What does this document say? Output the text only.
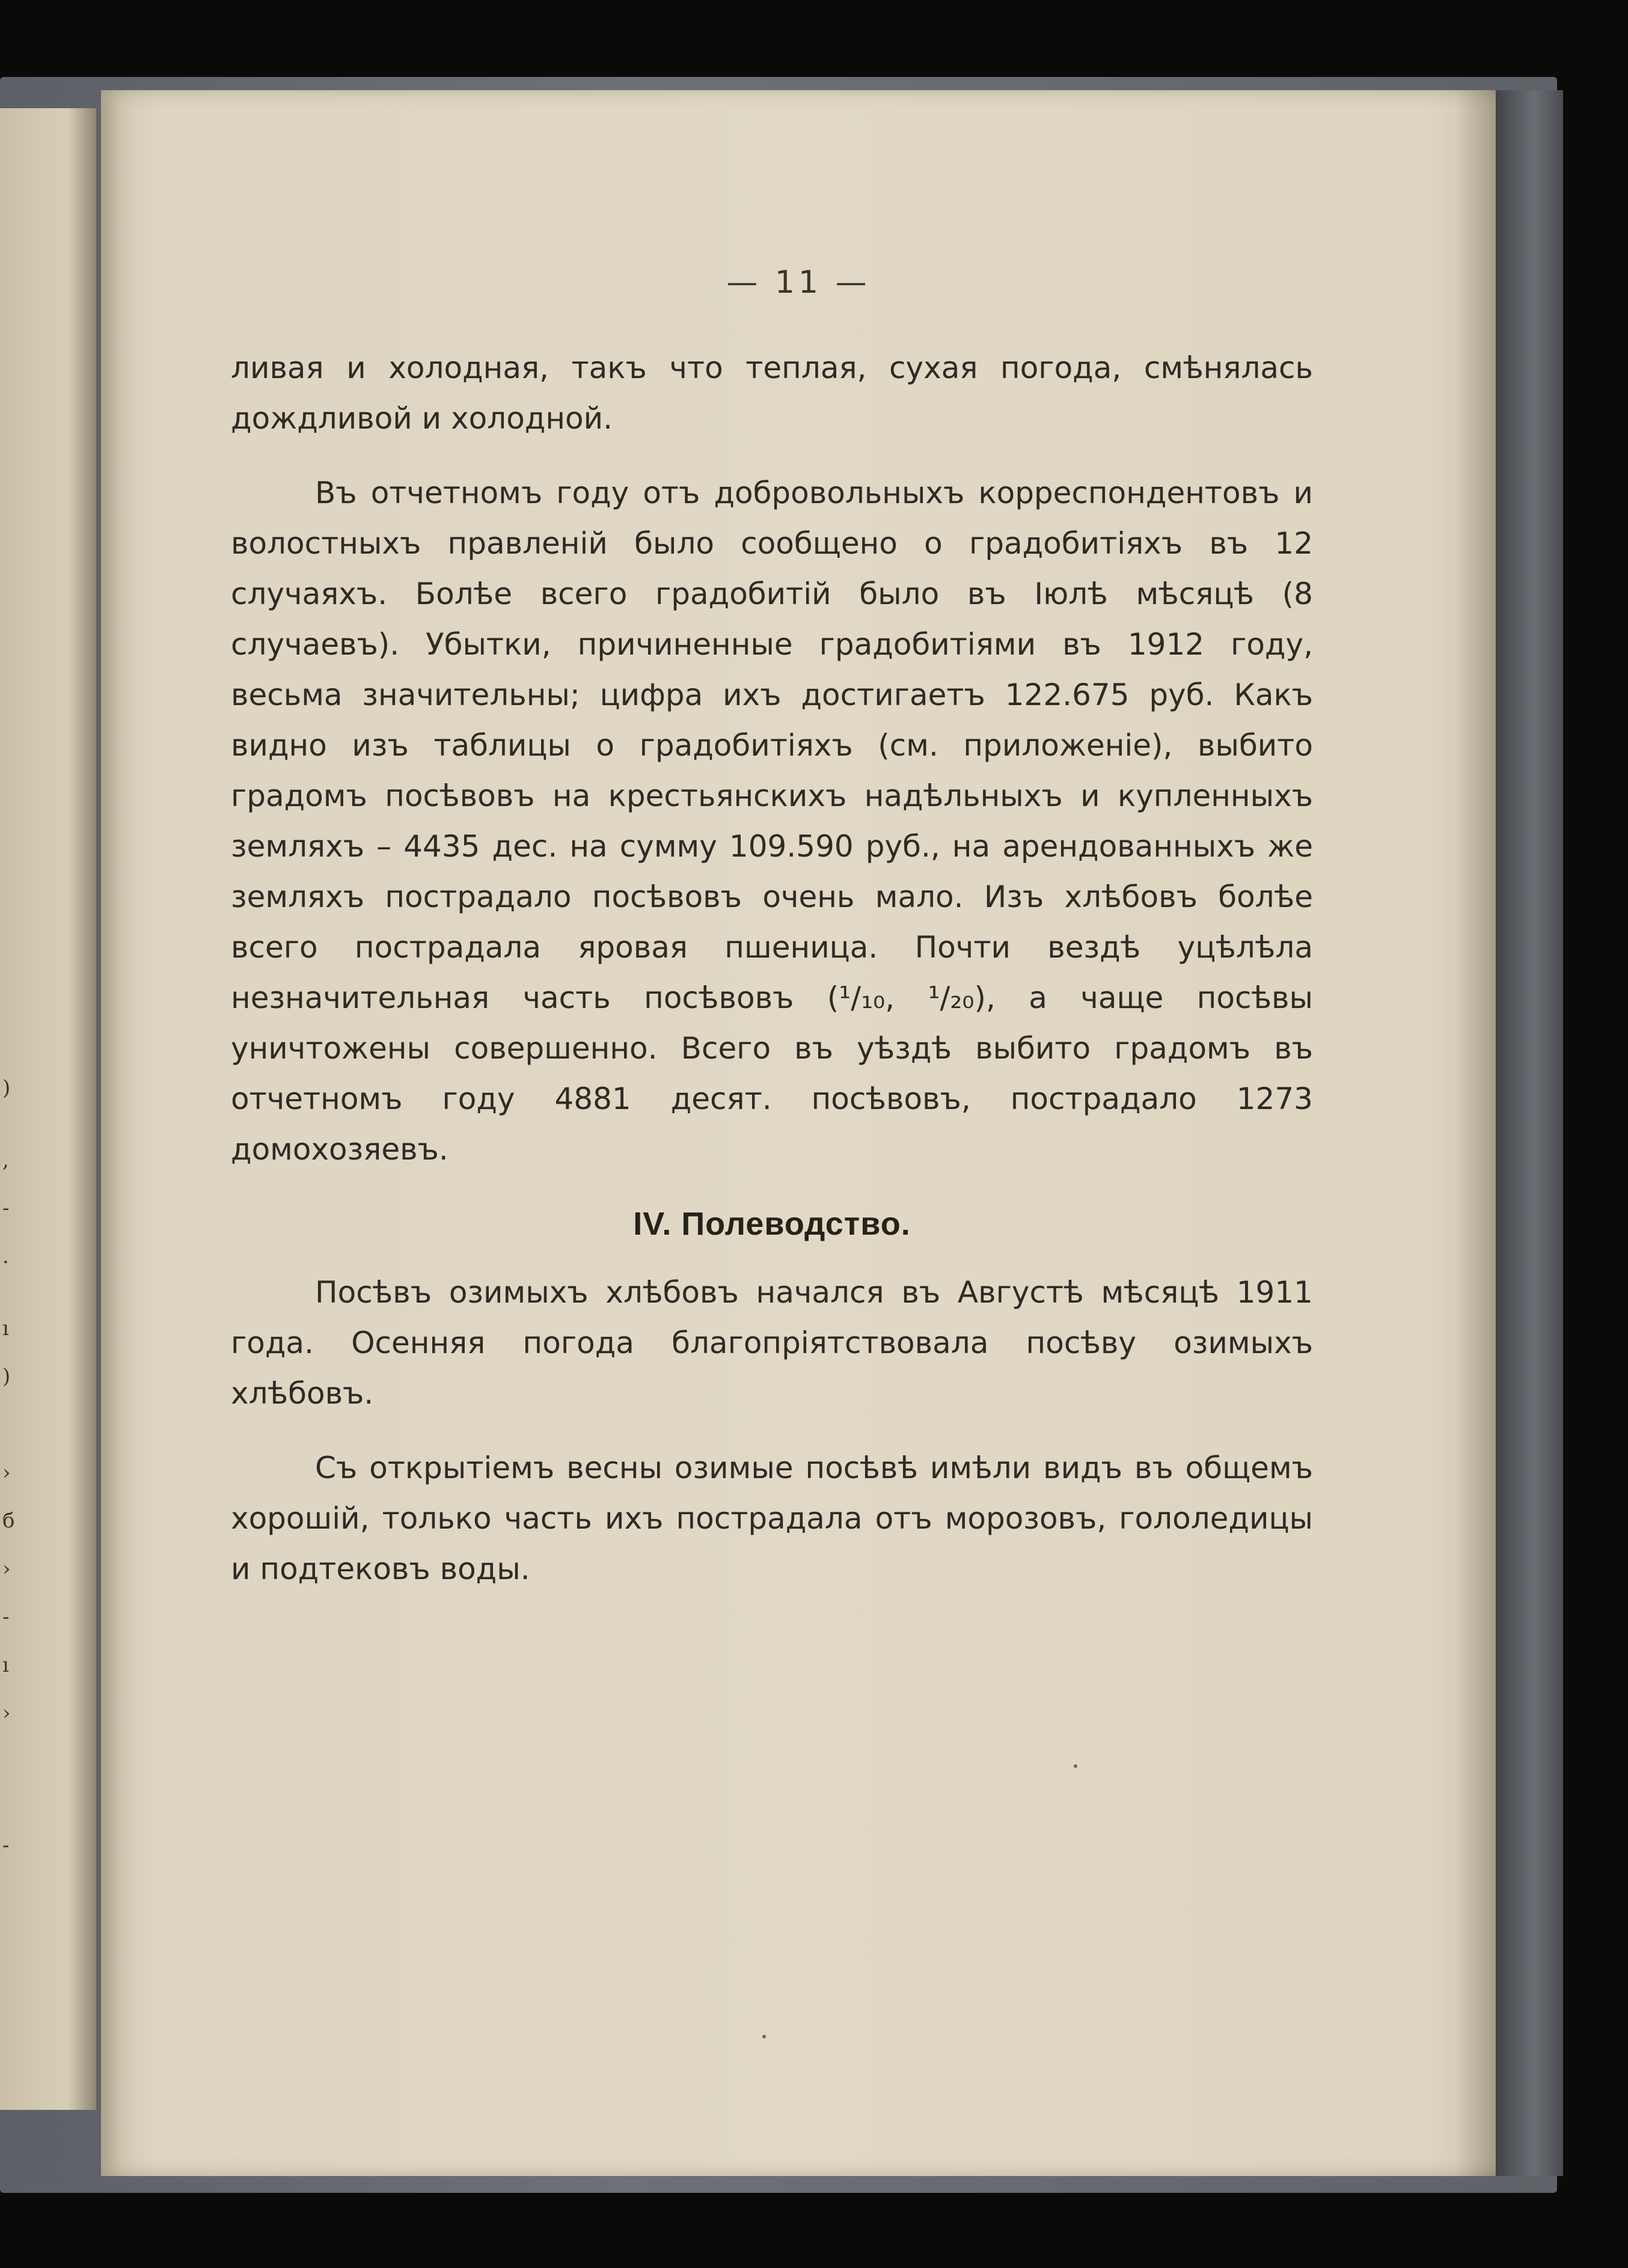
)
,
-
.
ı
)
›
б
›
-
ı
›
-
— 11 —

ливая и холодная, такъ что теплая, сухая погода, смѣнялась дождливой и холодной.

Въ отчетномъ году отъ добровольныхъ корреспондентовъ и волостныхъ правленій было сообщено о градобитіяхъ въ 12 случаяхъ. Болѣе всего градобитій было въ Іюлѣ мѣсяцѣ (8 случаевъ). Убытки, причиненные градобитіями въ 1912 году, весьма значительны; цифра ихъ достигаетъ 122.675 руб. Какъ видно изъ таблицы о градобитіяхъ (см. приложеніе), выбито градомъ посѣвовъ на крестьянскихъ надѣльныхъ и купленныхъ земляхъ – 4435 дес. на сумму 109.590 руб., на арендованныхъ же земляхъ пострадало посѣвовъ очень мало. Изъ хлѣбовъ болѣе всего пострадала яровая пшеница. Почти вездѣ уцѣлѣла незначительная часть посѣвовъ (¹/₁₀, ¹/₂₀), а чаще посѣвы уничтожены совершенно. Всего въ уѣздѣ выбито градомъ въ отчетномъ году 4881 десят. посѣвовъ, пострадало 1273 домохозяевъ.

IV. Полеводство.

Посѣвъ озимыхъ хлѣбовъ начался въ Августѣ мѣсяцѣ 1911 года. Осенняя погода благопріятствовала посѣву озимыхъ хлѣбовъ.

Съ открытіемъ весны озимые посѣвѣ имѣли видъ въ общемъ хорошій, только часть ихъ пострадала отъ морозовъ, гололедицы и подтековъ воды.
